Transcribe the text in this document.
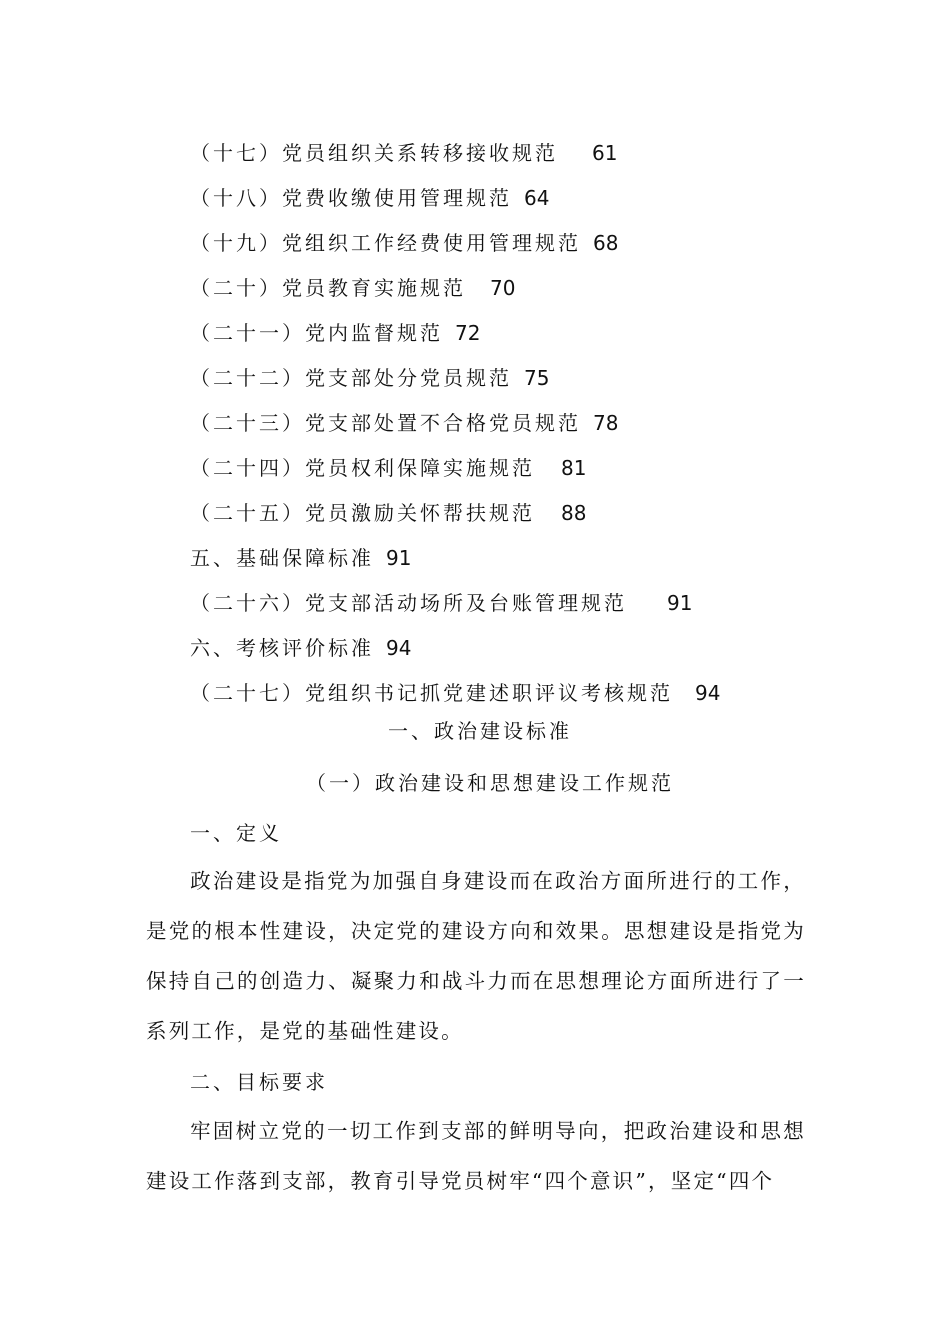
（十七）党员组织关系转移接收规范 61
（十八）党费收缴使用管理规范 64
（十九）党组织工作经费使用管理规范 68
（二十）党员教育实施规范 70
（二十一）党内监督规范 72
（二十二）党支部处分党员规范 75
（二十三）党支部处置不合格党员规范 78
（二十四）党员权利保障实施规范 81
（二十五）党员激励关怀帮扶规范 88
五、基础保障标准 91
（二十六）党支部活动场所及台账管理规范 91
六、考核评价标准 94
（二十七）党组织书记抓党建述职评议考核规范 94
一、政治建设标准
（一）政治建设和思想建设工作规范
一、定义
政治建设是指党为加强自身建设而在政治方面所进行的工作，是党的根本性建设，决定党的建设方向和效果。思想建设是指党为保持自己的创造力、凝聚力和战斗力而在思想理论方面所进行了一系列工作，是党的基础性建设。
二、目标要求
牢固树立党的一切工作到支部的鲜明导向，把政治建设和思想建设工作落到支部，教育引导党员树牢“四个意识”，坚定“四个
